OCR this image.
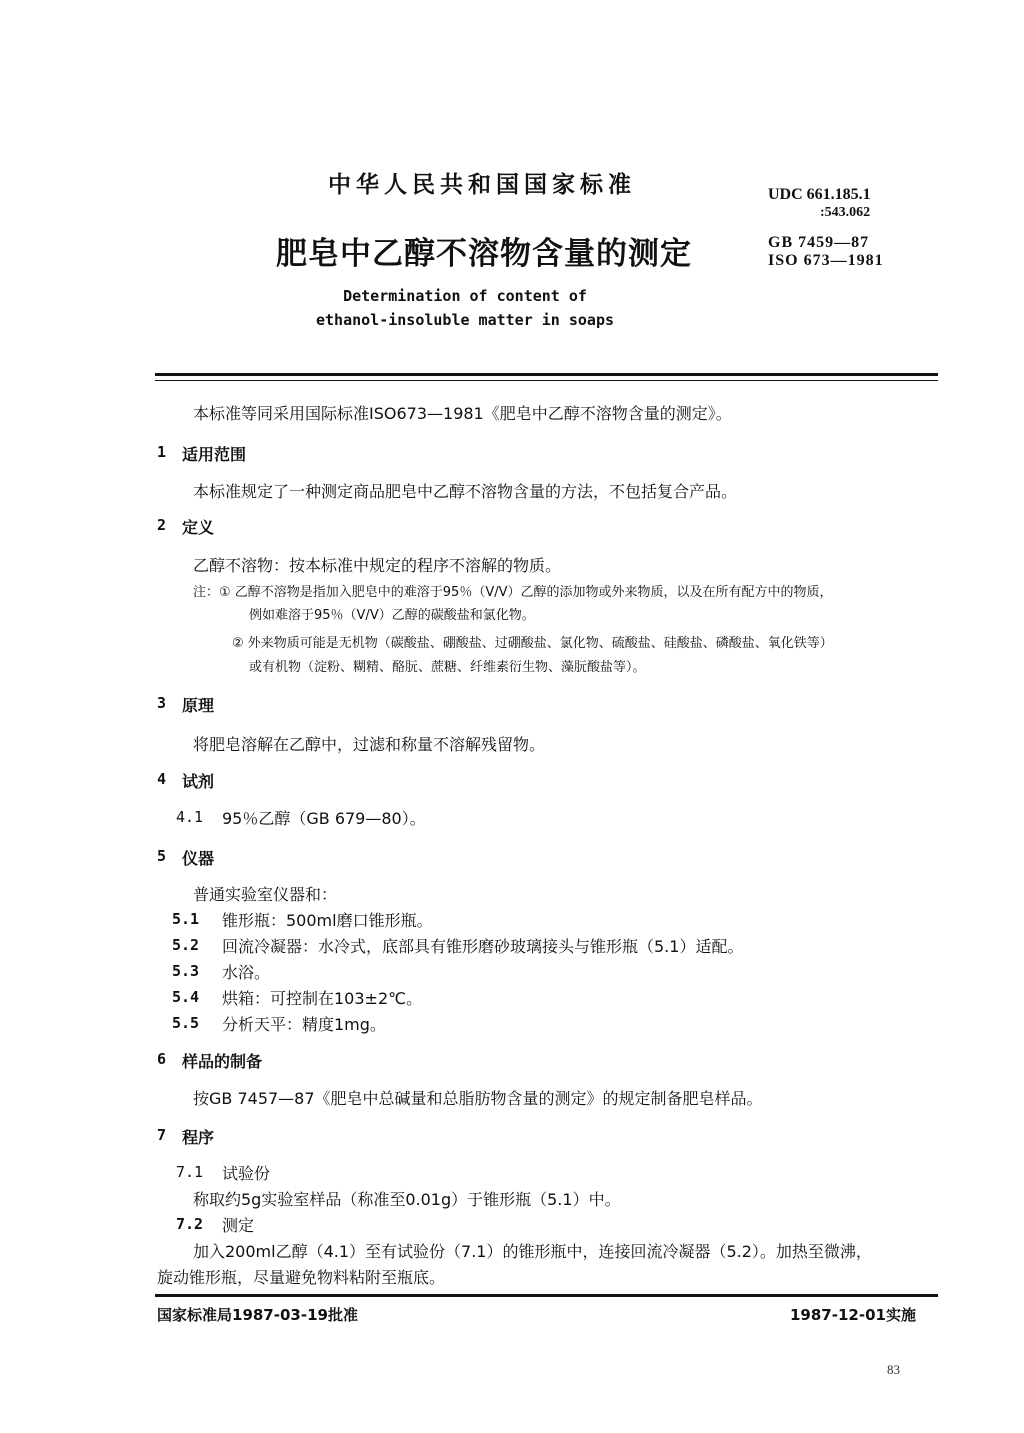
中华人民共和国国家标准	UDC 661.185.1
:543.062
肥皂中乙醇不溶物含量的测定	GB 7459—87
ISO 673—1981
Determination of content of
ethanol-insoluble matter in soaps
本标准等同采用国际标准ISO673—1981《肥皂中乙醇不溶物含量的测定》。
1 适用范围
本标准规定了一种测定商品肥皂中乙醇不溶物含量的方法，不包括复合产品。
2 定义
乙醇不溶物：按本标准中规定的程序不溶解的物质。
注：① 乙醇不溶物是指加入肥皂中的难溶于95％（V/V）乙醇的添加物或外来物质，以及在所有配方中的物质，
例如难溶于95％（V/V）乙醇的碳酸盐和氯化物。
② 外来物质可能是无机物（碳酸盐、硼酸盐、过硼酸盐、氯化物、硫酸盐、硅酸盐、磷酸盐、氧化铁等）
或有机物（淀粉、糊精、酪朊、蔗糖、纤维素衍生物、藻朊酸盐等）。
3 原理
将肥皂溶解在乙醇中，过滤和称量不溶解残留物。
4 试剂
4.1 95％乙醇（GB 679—80）。
5 仪器
普通实验室仪器和：
5.1 锥形瓶：500ml磨口锥形瓶。
5.2 回流冷凝器：水冷式，底部具有锥形磨砂玻璃接头与锥形瓶（5.1）适配。
5.3 水浴。
5.4 烘箱：可控制在103±2℃。
5.5 分析天平：精度1mg。
6 样品的制备
按GB 7457—87《肥皂中总碱量和总脂肪物含量的测定》的规定制备肥皂样品。
7 程序
7.1 试验份
称取约5g实验室样品（称准至0.01g）于锥形瓶（5.1）中。
7.2 测定
加入200ml乙醇（4.1）至有试验份（7.1）的锥形瓶中，连接回流冷凝器（5.2）。加热至微沸，
旋动锥形瓶，尽量避免物料粘附至瓶底。
国家标准局1987-03-19批准	1987-12-01实施
83
